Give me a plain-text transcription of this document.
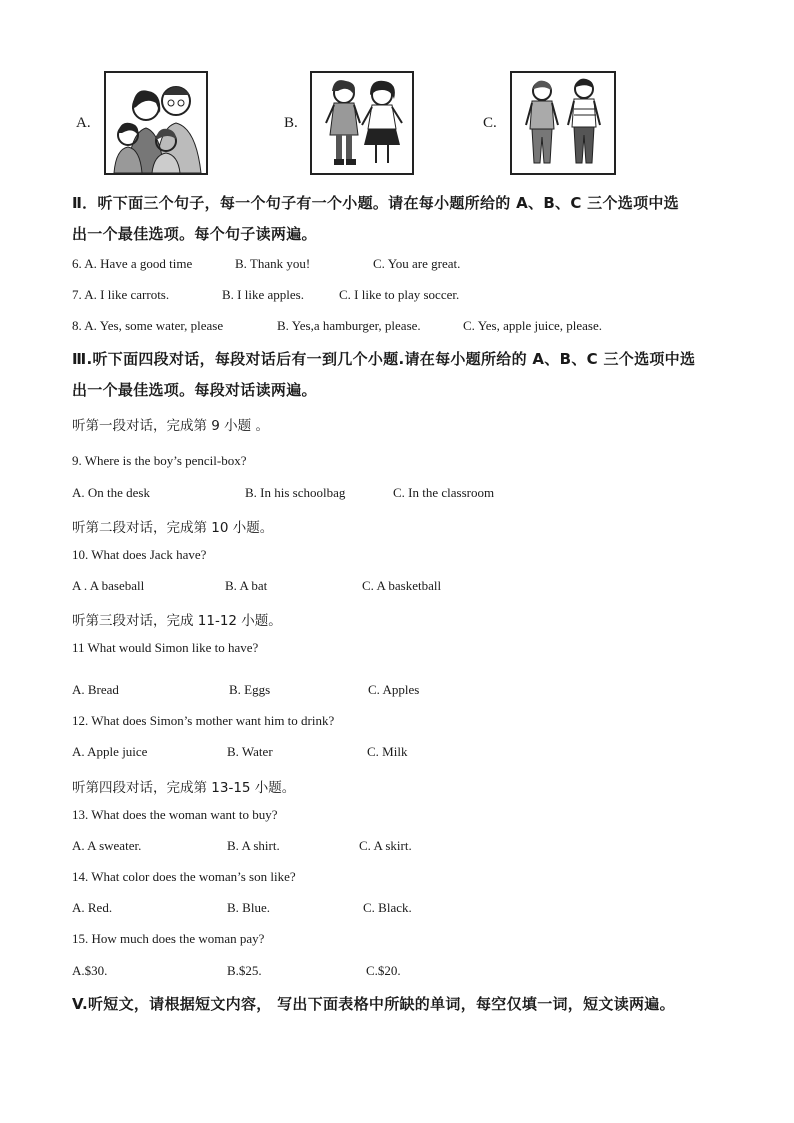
A.	B.	C.
Ⅱ．听下面三个句子，每一个句子有一个小题。请在每小题所给的 A、B、C 三个选项中选
出一个最佳选项。每个句子读两遍。
6. A. Have a good time	B. Thank you!	C. You are great.
7. A. I like carrots.	B. I like apples.	C. I like to play soccer.
8. A. Yes, some water, please	B. Yes,a hamburger, please.	C. Yes, apple juice, please.
Ⅲ.听下面四段对话，每段对话后有一到几个小题.请在每小题所给的 A、B、C 三个选项中选
出一个最佳选项。每段对话读两遍。
听第一段对话，完成第 9 小题 。
9. Where is the boy’s pencil-box?
A. On the desk	B. In his schoolbag	C. In the classroom
听第二段对话，完成第 10 小题。
10. What does Jack have?
A . A baseball	B. A bat	C. A basketball
听第三段对话，完成 11-12 小题。
11 What would Simon like to have?
A. Bread	B. Eggs	C. Apples
12. What does Simon’s mother want him to drink?
A. Apple juice	B. Water	C. Milk
听第四段对话，完成第 13-15 小题。
13. What does the woman want to buy?
A. A sweater.	B. A shirt.	C. A skirt.
14. What color does the woman’s son like?
A. Red.	B. Blue.	C. Black.
15. How much does the woman pay?
A.$30.	B.$25.	C.$20.
V.听短文，请根据短文内容， 写出下面表格中所缺的单词，每空仅填一词，短文读两遍。
